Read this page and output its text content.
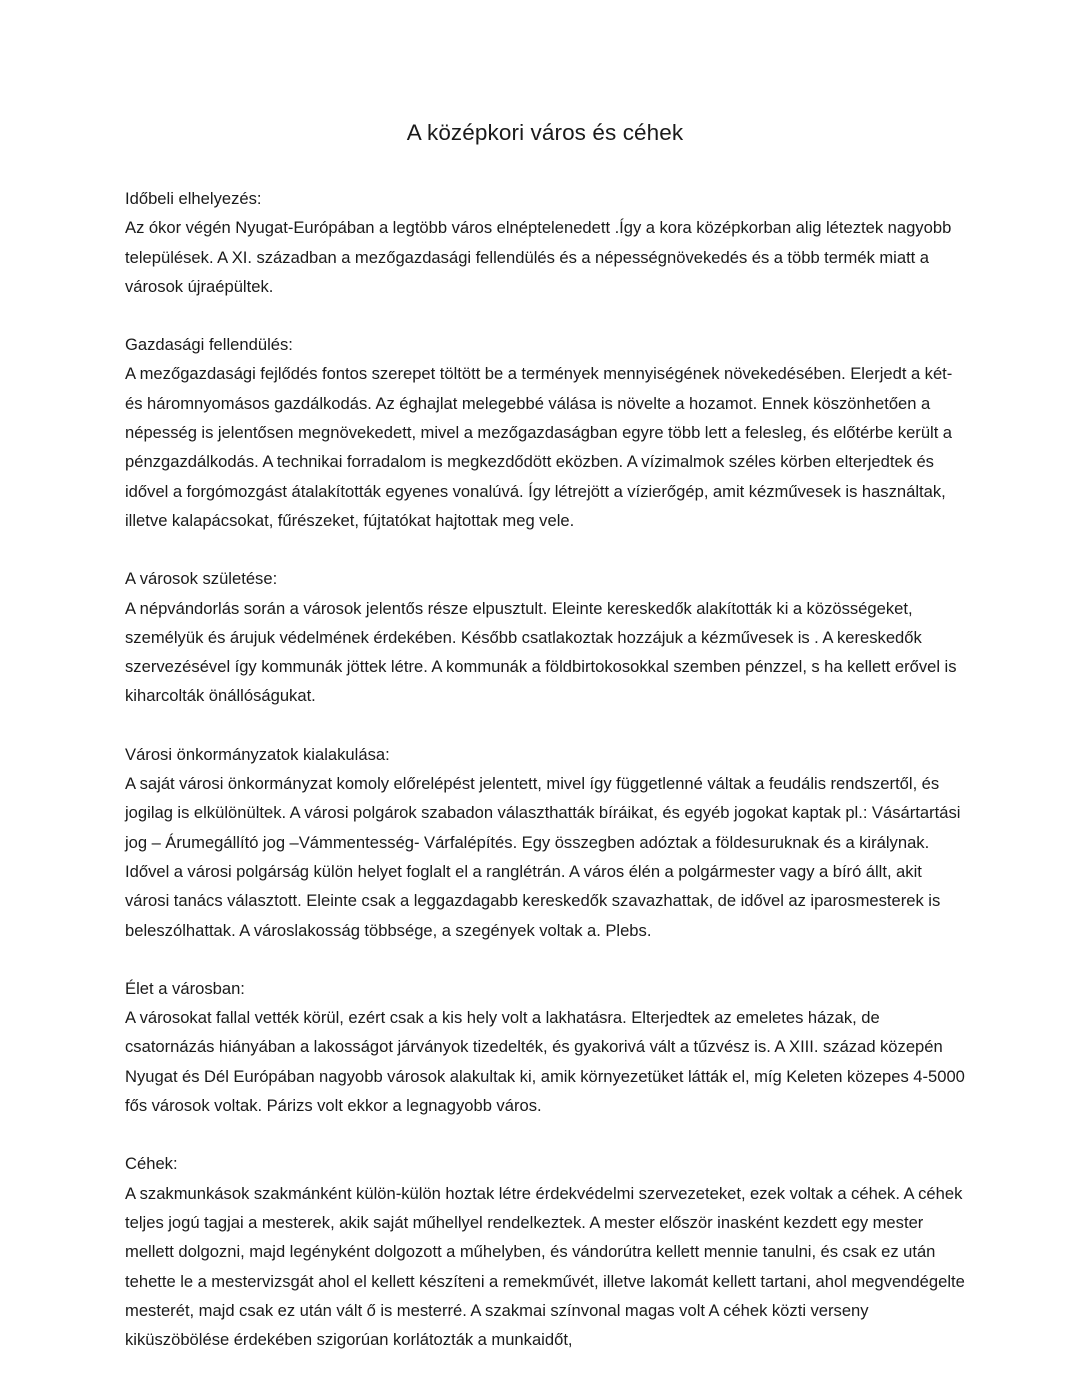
A középkori város és céhek

Időbeli elhelyezés:

Az ókor végén Nyugat-Európában a legtöbb város elnéptelenedett .Így a kora középkorban alig léteztek nagyobb települések. A XI. században a mezőgazdasági fellendülés és a népességnövekedés és a több termék miatt a városok újraépültek.

Gazdasági fellendülés:

A mezőgazdasági fejlődés fontos szerepet töltött be a termények mennyiségének növekedésében. Elerjedt a két- és háromnyomásos gazdálkodás. Az éghajlat melegebbé válása is növelte a hozamot. Ennek köszönhetően a népesség is jelentősen megnövekedett, mivel a mezőgazdaságban egyre több lett a felesleg, és előtérbe került a pénzgazdálkodás. A technikai forradalom is megkezdődött eközben. A vízimalmok széles körben elterjedtek és idővel a forgómozgást átalakították egyenes vonalúvá. Így létrejött a vízierőgép, amit kézművesek is használtak, illetve kalapácsokat, fűrészeket, fújtatókat hajtottak meg vele.

A városok születése:

A népvándorlás során a városok jelentős része elpusztult. Eleinte kereskedők alakították ki a közösségeket, személyük és árujuk védelmének érdekében. Később csatlakoztak hozzájuk a kézművesek is . A kereskedők szervezésével így kommunák jöttek létre. A kommunák a földbirtokosokkal szemben pénzzel, s ha kellett erővel is kiharcolták önállóságukat.

Városi önkormányzatok kialakulása:

A saját városi önkormányzat komoly előrelépést jelentett, mivel így függetlenné váltak a feudális rendszertől, és jogilag is elkülönültek. A városi polgárok szabadon választhatták bíráikat, és egyéb jogokat kaptak pl.: Vásártartási jog – Árumegállító jog –Vámmentesség- Várfalépítés. Egy összegben adóztak a földesuruknak és a királynak. Idővel a városi polgárság külön helyet foglalt el a ranglétrán. A város élén a polgármester vagy a bíró állt, akit városi tanács választott. Eleinte csak a leggazdagabb kereskedők szavazhattak, de idővel az iparosmesterek is beleszólhattak. A városlakosság többsége, a szegények voltak a. Plebs.

Élet a városban:

A városokat fallal vették körül, ezért csak a kis hely volt a lakhatásra. Elterjedtek az emeletes házak, de csatornázás hiányában a lakosságot járványok tizedelték, és gyakorivá vált a tűzvész is. A XIII. század közepén Nyugat és Dél Európában nagyobb városok alakultak ki, amik környezetüket látták el, míg Keleten közepes 4-5000 fős városok voltak. Párizs volt ekkor a legnagyobb város.

Céhek:

A szakmunkások szakmánként külön-külön hoztak létre érdekvédelmi szervezeteket, ezek voltak a céhek. A céhek teljes jogú tagjai a mesterek, akik saját műhellyel rendelkeztek. A mester először inasként kezdett egy mester mellett dolgozni, majd legényként dolgozott a műhelyben, és vándorútra kellett mennie tanulni, és csak ez után tehette le a mestervizsgát ahol el kellett készíteni a remekművét, illetve lakomát kellett tartani, ahol megvendégelte mesterét, majd csak ez után vált ő is mesterré. A szakmai színvonal magas volt A céhek közti verseny kiküszöbölése érdekében szigorúan korlátozták a munkaidőt,
